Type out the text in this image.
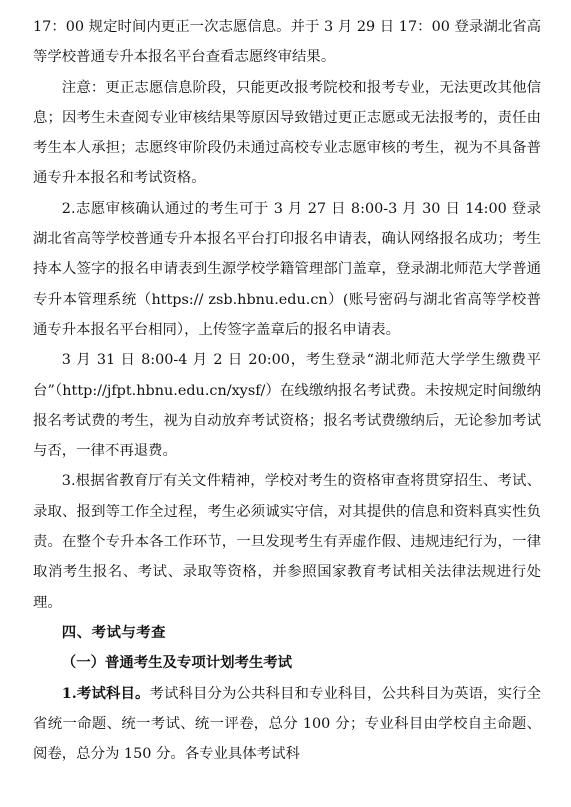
17：00 规定时间内更正一次志愿信息。并于 3 月 29 日 17：00 登录湖北省高等学校普通专升本报名平台查看志愿终审结果。

注意：更正志愿信息阶段，只能更改报考院校和报考专业，无法更改其他信息；因考生未查阅专业审核结果等原因导致错过更正志愿或无法报考的，责任由考生本人承担；志愿终审阶段仍未通过高校专业志愿审核的考生，视为不具备普通专升本报名和考试资格。

2.志愿审核确认通过的考生可于 3 月 27 日 8:00-3 月 30 日 14:00 登录湖北省高等学校普通专升本报名平台打印报名申请表，确认网络报名成功；考生持本人签字的报名申请表到生源学校学籍管理部门盖章，登录湖北师范大学普通专升本管理系统（https:// zsb.hbnu.edu.cn）(账号密码与湖北省高等学校普通专升本报名平台相同），上传签字盖章后的报名申请表。

3 月 31 日 8:00-4 月 2 日 20:00，考生登录“湖北师范大学学生缴费平台”（http://jfpt.hbnu.edu.cn/xysf/）在线缴纳报名考试费。未按规定时间缴纳报名考试费的考生，视为自动放弃考试资格；报名考试费缴纳后，无论参加考试与否，一律不再退费。

3.根据省教育厅有关文件精神，学校对考生的资格审查将贯穿招生、考试、录取、报到等工作全过程，考生必须诚实守信，对其提供的信息和资料真实性负责。在整个专升本各工作环节，一旦发现考生有弄虚作假、违规违纪行为，一律取消考生报名、考试、录取等资格，并参照国家教育考试相关法律法规进行处理。

四、考试与考查

（一）普通考生及专项计划考生考试

1.考试科目。考试科目分为公共科目和专业科目，公共科目为英语，实行全省统一命题、统一考试、统一评卷，总分 100 分；专业科目由学校自主命题、阅卷，总分为 150 分。各专业具体考试科
